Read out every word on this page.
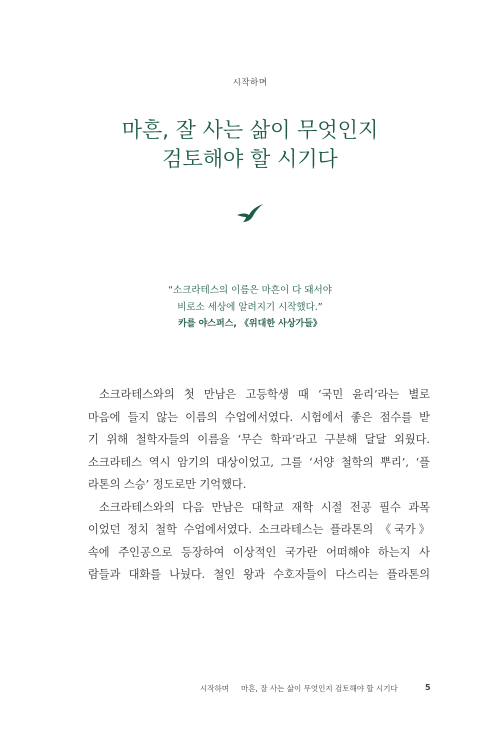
시작하며
마흔, 잘 사는 삶이 무엇인지
검토해야 할 시기다
“소크라테스의 이름은 마흔이 다 돼서야
비로소 세상에 알려지기 시작했다.”
카를 야스퍼스, 《위대한 사상가들》
소크라테스와의 첫 만남은 고등학생 때 ‘국민 윤리’라는 별로
마음에 들지 않는 이름의 수업에서였다. 시험에서 좋은 점수를 받
기 위해 철학자들의 이름을 ‘무슨 학파’라고 구분해 달달 외웠다.
소크라테스 역시 암기의 대상이었고, 그를 ‘서양 철학의 뿌리’, ‘플
라톤의 스승’ 정도로만 기억했다.
소크라테스와의 다음 만남은 대학교 재학 시절 전공 필수 과목
이었던 정치 철학 수업에서였다. 소크라테스는 플라톤의 《국가》
속에 주인공으로 등장하여 이상적인 국가란 어떠해야 하는지 사
람들과 대화를 나눴다. 철인 왕과 수호자들이 다스리는 플라톤의
시작하며 마흔, 잘 사는 삶이 무엇인지 검토해야 할 시기다	5
